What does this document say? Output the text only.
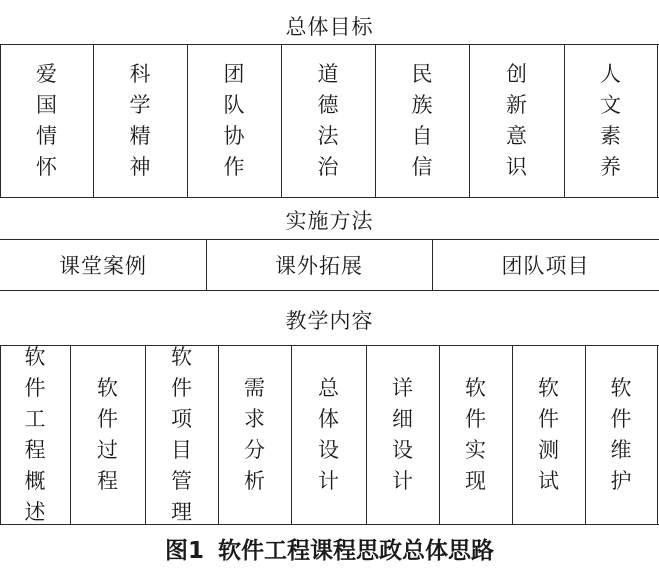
总体目标
实施方法
教学内容
爱
国
情
怀
科
学
精
神
团
队
协
作
道
德
法
治
民
族
自
信
创
新
意
识
人
文
素
养
课堂案例	课外拓展	团队项目
软
件
工
程
概
述
软
件
过
程
软
件
项
目
管
理
需
求
分
析
总
体
设
计
详
细
设
计
软
件
实
现
软
件
测
试
软
件
维
护
图1 软件工程课程思政总体思路
